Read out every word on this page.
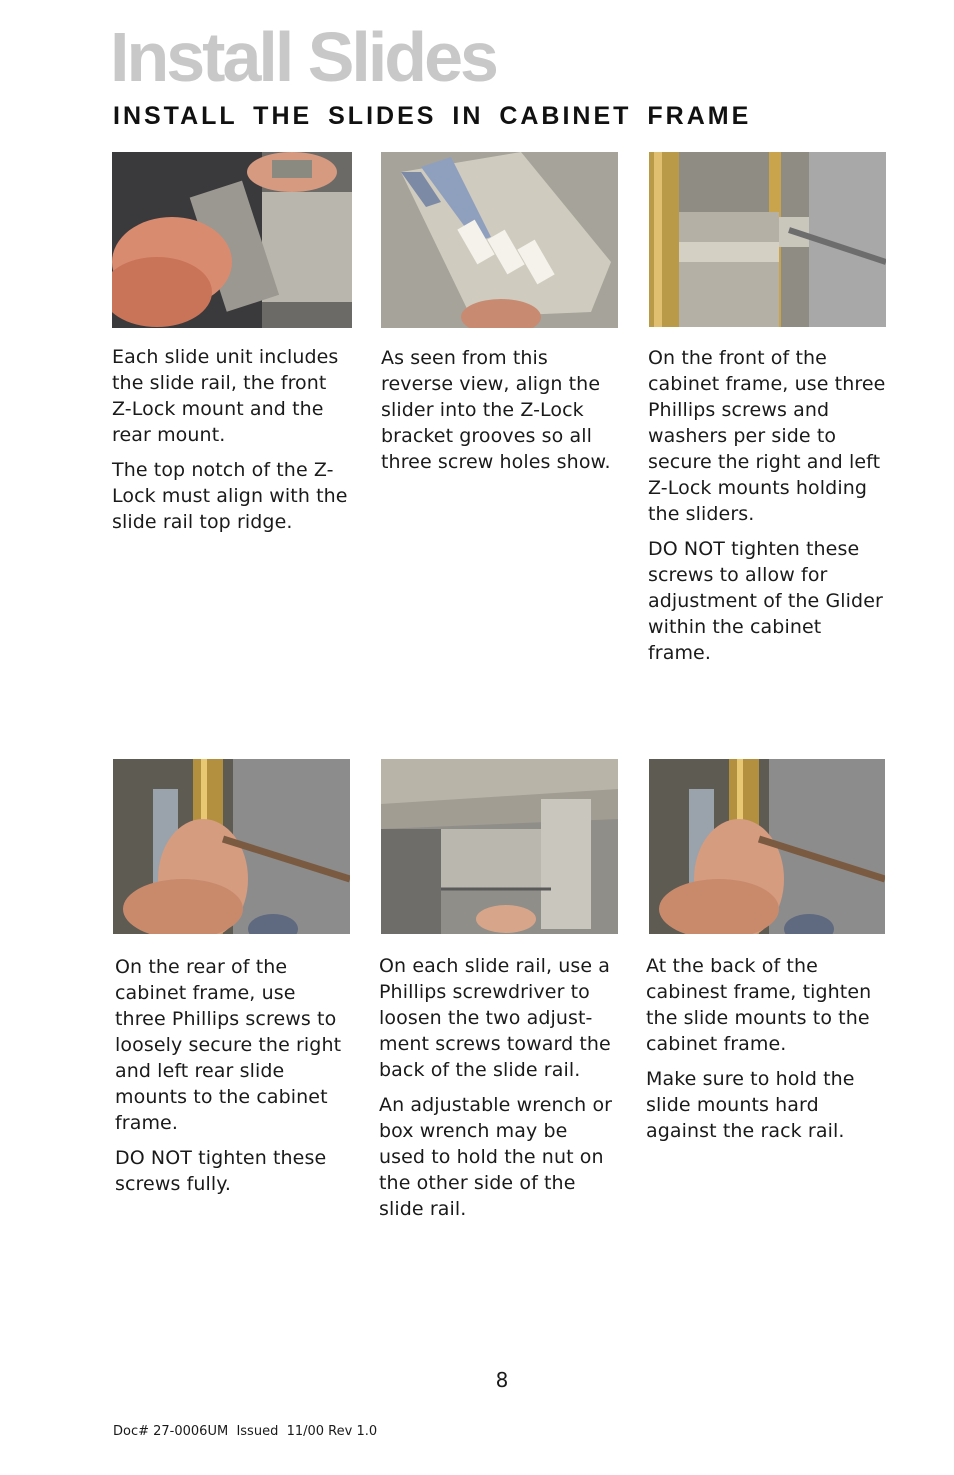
Install Slides
INSTALL THE SLIDES IN CABINET FRAME

Each slide unit includes the slide rail, the front Z-Lock mount and the rear mount.

The top notch of the Z-Lock must align with the slide rail top ridge.

As seen from this reverse view, align the slider into the Z-Lock bracket grooves so all three screw holes show.

On the front of the cabinet frame, use three Phillips screws and washers per side to secure the right and left Z-Lock mounts holding the sliders.

DO NOT tighten these screws to allow for adjustment of the Glider within the cabinet frame.

On the rear of the cabinet frame, use three Phillips screws to loosely secure the right and left rear slide mounts to the cabinet frame.

DO NOT tighten these screws fully.

On each slide rail, use a Phillips screwdriver to loosen the two adjust-ment screws toward the back of the slide rail.

An adjustable wrench or box wrench may be used to hold the nut on the other side of the slide rail.

At the back of the cabinest frame, tighten the slide mounts to the cabinet frame.

Make sure to hold the slide mounts hard against the rack rail.

8
Doc# 27-0006UM  Issued  11/00 Rev 1.0
